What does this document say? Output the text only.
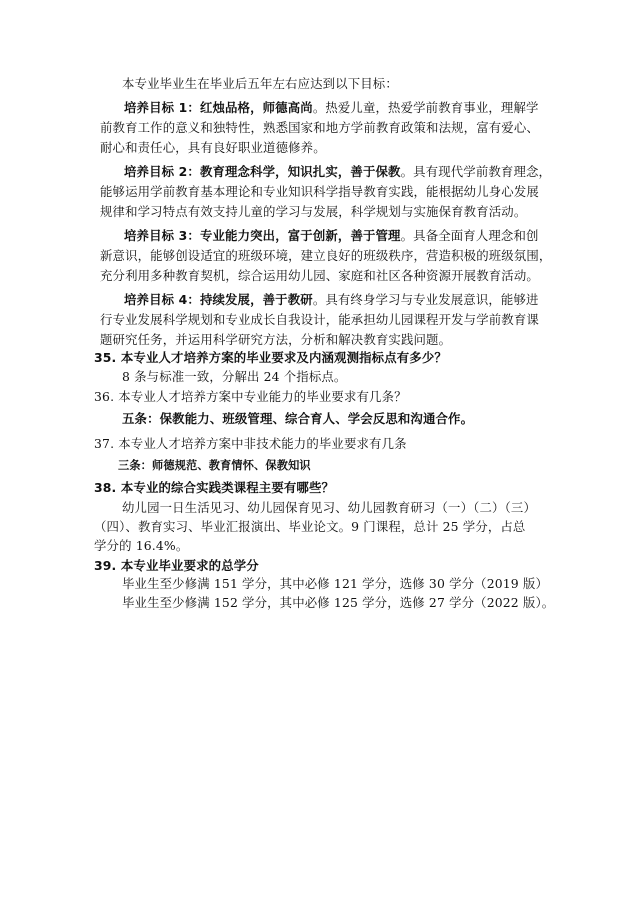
本专业毕业生在毕业后五年左右应达到以下目标：
培养目标 1：红烛品格，师德高尚。热爱儿童，热爱学前教育事业，理解学
前教育工作的意义和独特性，熟悉国家和地方学前教育政策和法规，富有爱心、
耐心和责任心，具有良好职业道德修养。
培养目标 2：教育理念科学，知识扎实，善于保教。具有现代学前教育理念，
能够运用学前教育基本理论和专业知识科学指导教育实践，能根据幼儿身心发展
规律和学习特点有效支持儿童的学习与发展，科学规划与实施保育教育活动。
培养目标 3：专业能力突出，富于创新，善于管理。具备全面育人理念和创
新意识，能够创设适宜的班级环境，建立良好的班级秩序，营造积极的班级氛围，
充分利用多种教育契机，综合运用幼儿园、家庭和社区各种资源开展教育活动。
培养目标 4：持续发展，善于教研。具有终身学习与专业发展意识，能够进
行专业发展科学规划和专业成长自我设计，能承担幼儿园课程开发与学前教育课
题研究任务，并运用科学研究方法，分析和解决教育实践问题。
35. 本专业人才培养方案的毕业要求及内涵观测指标点有多少？
8 条与标准一致，分解出 24 个指标点。
36. 本专业人才培养方案中专业能力的毕业要求有几条？
五条：保教能力、班级管理、综合育人、学会反思和沟通合作。
37. 本专业人才培养方案中非技术能力的毕业要求有几条
三条：师德规范、教育情怀、保教知识
38. 本专业的综合实践类课程主要有哪些？
幼儿园一日生活见习、幼儿园保育见习、幼儿园教育研习（一）（二）（三）
（四）、教育实习、毕业汇报演出、毕业论文。9 门课程，总计 25 学分，占总
学分的 16.4%。
39. 本专业毕业要求的总学分
毕业生至少修满 151 学分，其中必修 121 学分，选修 30 学分（2019 版）
毕业生至少修满 152 学分，其中必修 125 学分，选修 27 学分（2022 版）。
